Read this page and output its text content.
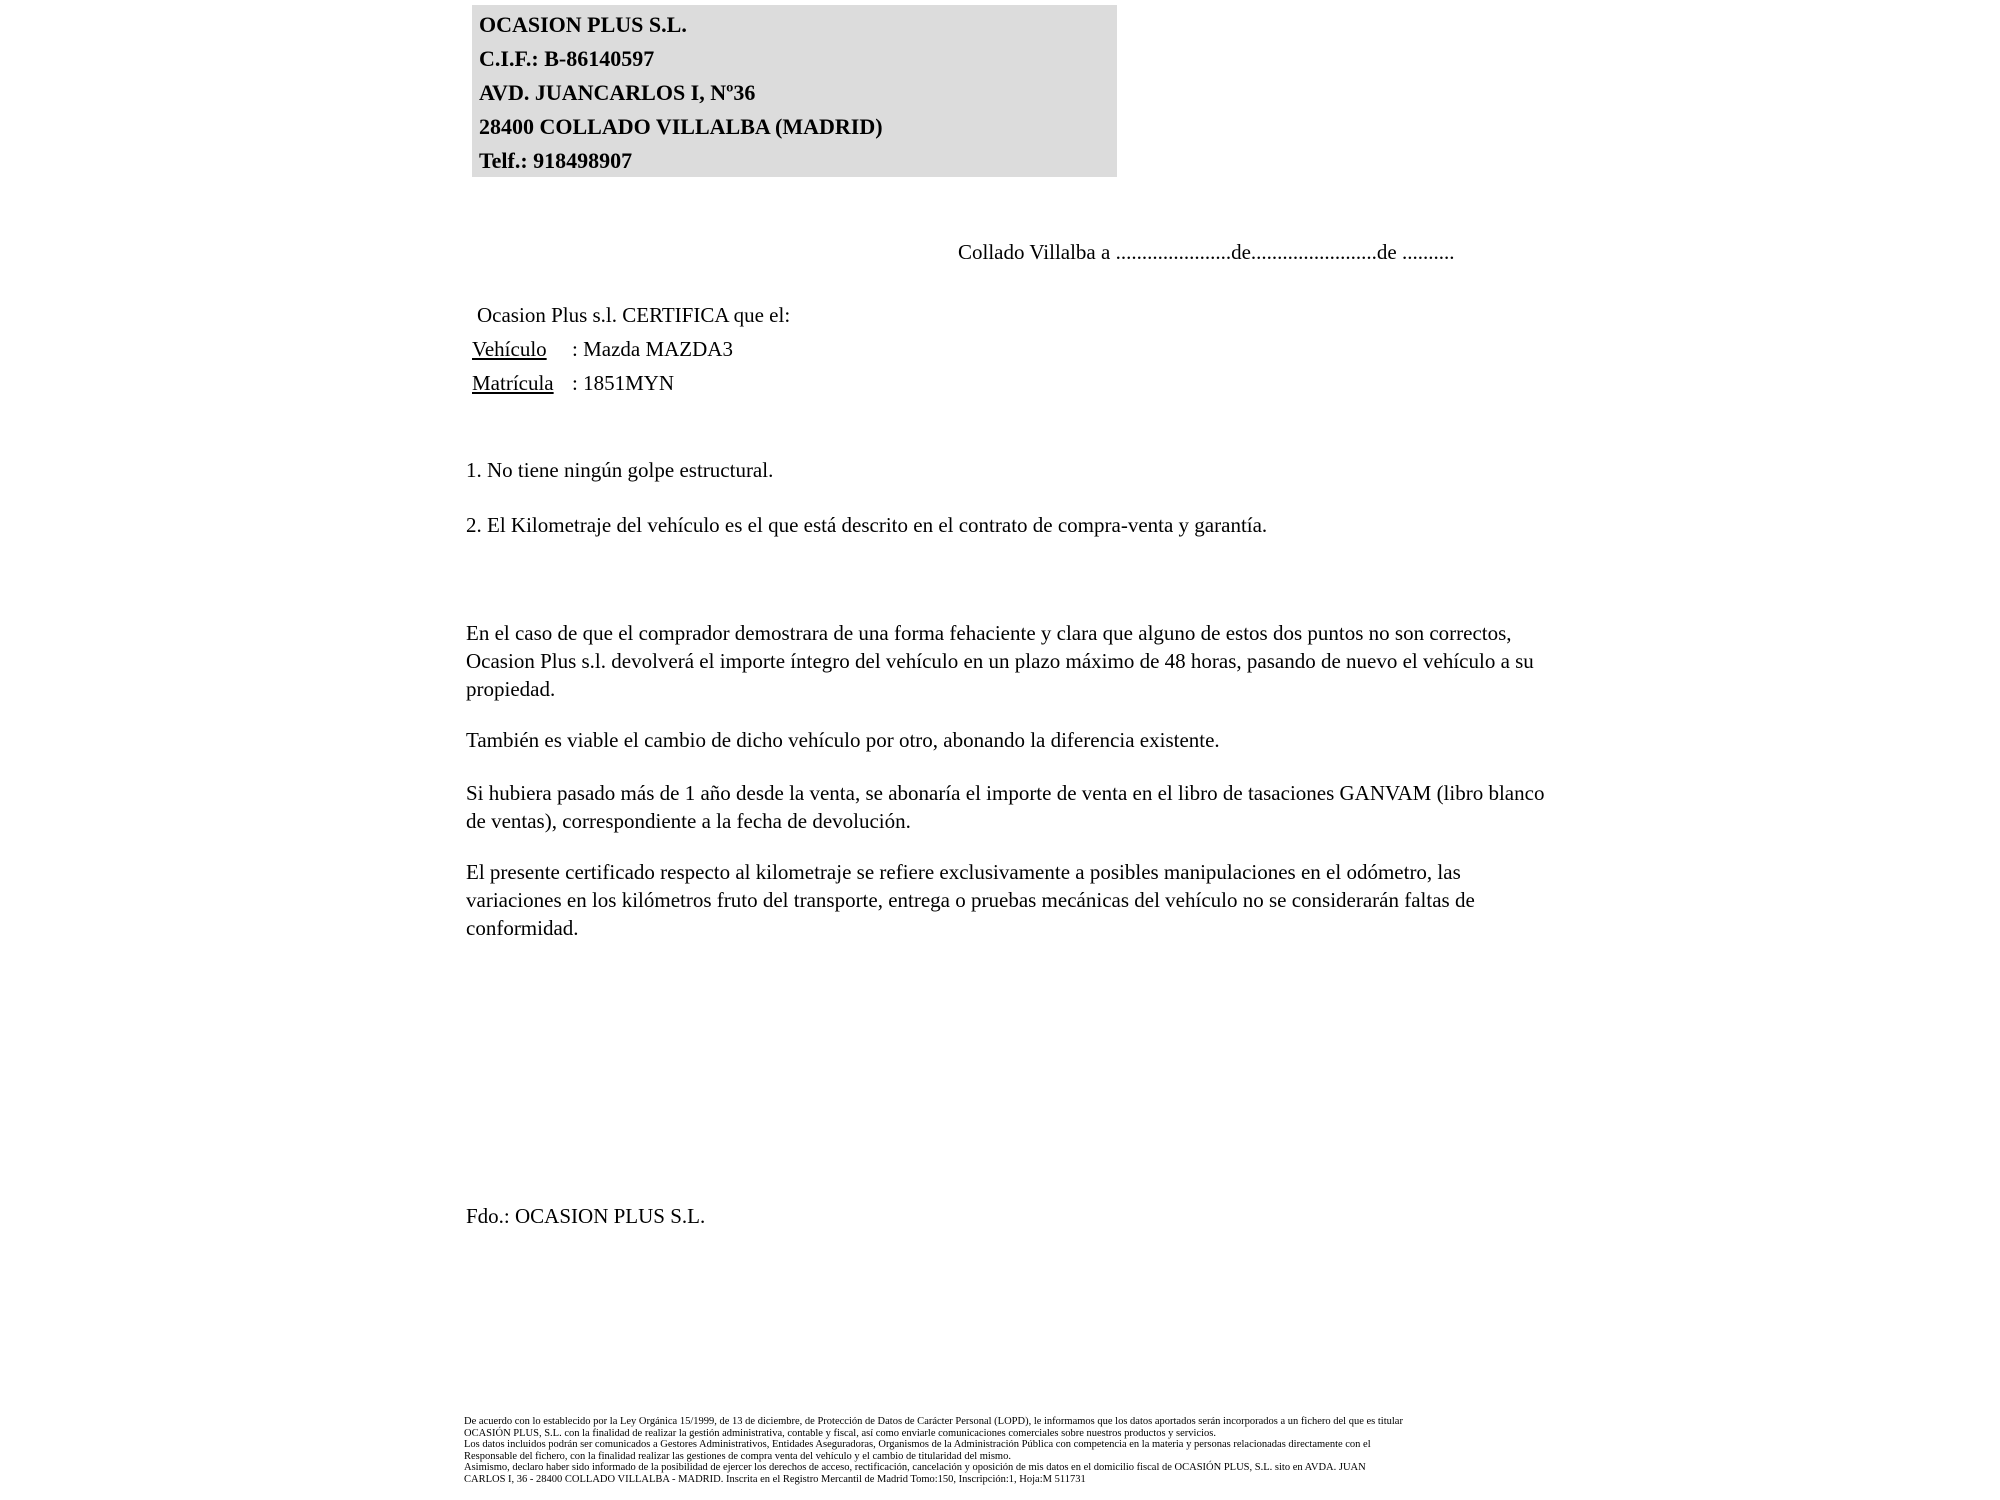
OCASION PLUS S.L.
C.I.F.: B-86140597
AVD. JUANCARLOS I, Nº36
28400 COLLADO VILLALBA (MADRID)
Telf.: 918498907
Collado Villalba a ......................de........................de ..........
Ocasion Plus s.l. CERTIFICA que el:
Vehículo : Mazda MAZDA3
Matrícula : 1851MYN
1. No tiene ningún golpe estructural.
2. El Kilometraje del vehículo es el que está descrito en el contrato de compra-venta y garantía.
En el caso de que el comprador demostrara de una forma fehaciente y clara que alguno de estos dos puntos no son correctos, Ocasion Plus s.l. devolverá el importe íntegro del vehículo en un plazo máximo de 48 horas, pasando de nuevo el vehículo a su propiedad.
También es viable el cambio de dicho vehículo por otro, abonando la diferencia existente.
Si hubiera pasado más de 1 año desde la venta, se abonaría el importe de venta en el libro de tasaciones GANVAM (libro blanco de ventas), correspondiente a la fecha de devolución.
El presente certificado respecto al kilometraje se refiere exclusivamente a posibles manipulaciones en el odómetro, las variaciones en los kilómetros fruto del transporte, entrega o pruebas mecánicas del vehículo no se considerarán faltas de conformidad.
Fdo.: OCASION PLUS S.L.
De acuerdo con lo establecido por la Ley Orgánica 15/1999, de 13 de diciembre, de Protección de Datos de Carácter Personal (LOPD), le informamos que los datos aportados serán incorporados a un fichero del que es titular
OCASIÓN PLUS, S.L. con la finalidad de realizar la gestión administrativa, contable y fiscal, así como enviarle comunicaciones comerciales sobre nuestros productos y servicios.
Los datos incluidos podrán ser comunicados a Gestores Administrativos, Entidades Aseguradoras, Organismos de la Administración Pública con competencia en la materia y personas relacionadas directamente con el
Responsable del fichero, con la finalidad realizar las gestiones de compra venta del vehículo y el cambio de titularidad del mismo.
Asimismo, declaro haber sido informado de la posibilidad de ejercer los derechos de acceso, rectificación, cancelación y oposición de mis datos en el domicilio fiscal de OCASIÓN PLUS, S.L. sito en AVDA. JUAN
CARLOS I, 36 - 28400 COLLADO VILLALBA - MADRID. Inscrita en el Registro Mercantil de Madrid Tomo:150, Inscripción:1, Hoja:M 511731
